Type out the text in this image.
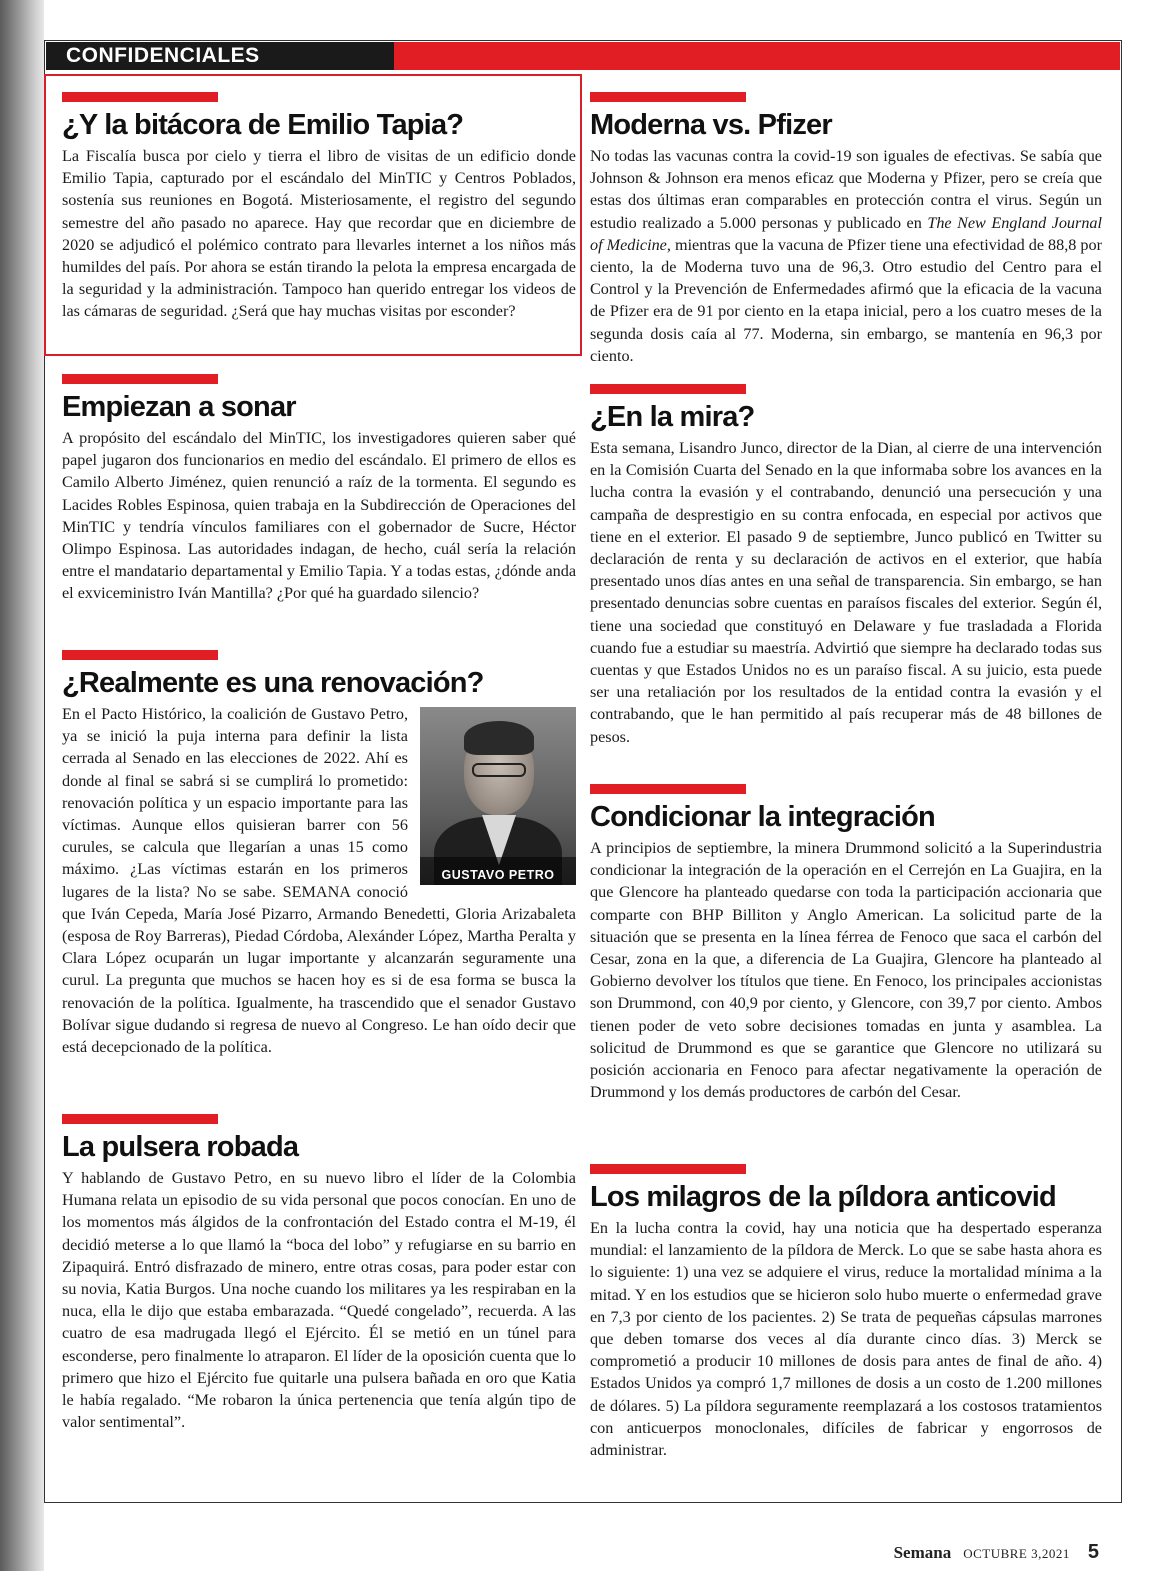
CONFIDENCIALES
¿Y la bitácora de Emilio Tapia?

La Fiscalía busca por cielo y tierra el libro de visitas de un edificio donde Emilio Tapia, capturado por el escándalo del MinTIC y Centros Poblados, sostenía sus reuniones en Bogotá. Misteriosamente, el registro del segundo semestre del año pasado no aparece. Hay que recordar que en diciembre de 2020 se adjudicó el polémico contrato para llevarles internet a los niños más humildes del país. Por ahora se están tirando la pelota la empresa encargada de la seguridad y la administración. Tampoco han querido entregar los videos de las cámaras de seguridad. ¿Será que hay muchas visitas por esconder?

Empiezan a sonar

A propósito del escándalo del MinTIC, los investigadores quieren saber qué papel jugaron dos funcionarios en medio del escándalo. El primero de ellos es Camilo Alberto Jiménez, quien renunció a raíz de la tormenta. El segundo es Lacides Robles Espinosa, quien trabaja en la Subdirección de Operaciones del MinTIC y tendría vínculos familiares con el gobernador de Sucre, Héctor Olimpo Espinosa. Las autoridades indagan, de hecho, cuál sería la relación entre el mandatario departamental y Emilio Tapia. Y a todas estas, ¿dónde anda el exviceministro Iván Mantilla? ¿Por qué ha guardado silencio?

¿Realmente es una renovación?
GUSTAVO PETRO
En el Pacto Histórico, la coalición de Gustavo Petro, ya se inició la puja interna para definir la lista cerrada al Senado en las elecciones de 2022. Ahí es donde al final se sabrá si se cumplirá lo prometido: renovación política y un espacio importante para las víctimas. Aunque ellos quisieran barrer con 56 curules, se calcula que llegarían a unas 15 como máximo. ¿Las víctimas estarán en los primeros lugares de la lista? No se sabe. SEMANA conoció que Iván Cepeda, María José Pizarro, Armando Benedetti, Gloria Arizabaleta (esposa de Roy Barreras), Piedad Córdoba, Alexánder López, Martha Peralta y Clara López ocuparán un lugar importante y alcanzarán seguramente una curul. La pregunta que muchos se hacen hoy es si de esa forma se busca la renovación de la política. Igualmente, ha trascendido que el senador Gustavo Bolívar sigue dudando si regresa de nuevo al Congreso. Le han oído decir que está decepcionado de la política.
La pulsera robada

Y hablando de Gustavo Petro, en su nuevo libro el líder de la Colombia Humana relata un episodio de su vida personal que pocos conocían. En uno de los momentos más álgidos de la confrontación del Estado contra el M-19, él decidió meterse a lo que llamó la “boca del lobo” y refugiarse en su barrio en Zipaquirá. Entró disfrazado de minero, entre otras cosas, para poder estar con su novia, Katia Burgos. Una noche cuando los militares ya les respiraban en la nuca, ella le dijo que estaba embarazada. “Quedé congelado”, recuerda. A las cuatro de esa madrugada llegó el Ejército. Él se metió en un túnel para esconderse, pero finalmente lo atraparon. El líder de la oposición cuenta que lo primero que hizo el Ejército fue quitarle una pulsera bañada en oro que Katia le había regalado. “Me robaron la única pertenencia que tenía algún tipo de valor sentimental”.

Moderna vs. Pfizer

No todas las vacunas contra la covid-19 son iguales de efectivas. Se sabía que Johnson & Johnson era menos eficaz que Moderna y Pfizer, pero se creía que estas dos últimas eran comparables en protección contra el virus. Según un estudio realizado a 5.000 personas y publicado en The New England Journal of Medicine, mientras que la vacuna de Pfizer tiene una efectividad de 88,8 por ciento, la de Moderna tuvo una de 96,3. Otro estudio del Centro para el Control y la Prevención de Enfermedades afirmó que la eficacia de la vacuna de Pfizer era de 91 por ciento en la etapa inicial, pero a los cuatro meses de la segunda dosis caía al 77. Moderna, sin embargo, se mantenía en 96,3 por ciento.

¿En la mira?

Esta semana, Lisandro Junco, director de la Dian, al cierre de una intervención en la Comisión Cuarta del Senado en la que informaba sobre los avances en la lucha contra la evasión y el contrabando, denunció una persecución y una campaña de desprestigio en su contra enfocada, en especial por activos que tiene en el exterior. El pasado 9 de septiembre, Junco publicó en Twitter su declaración de renta y su declaración de activos en el exterior, que había presentado unos días antes en una señal de transparencia. Sin embargo, se han presentado denuncias sobre cuentas en paraísos fiscales del exterior. Según él, tiene una sociedad que constituyó en Delaware y fue trasladada a Florida cuando fue a estudiar su maestría. Advirtió que siempre ha declarado todas sus cuentas y que Estados Unidos no es un paraíso fiscal. A su juicio, esta puede ser una retaliación por los resultados de la entidad contra la evasión y el contrabando, que le han permitido al país recuperar más de 48 billones de pesos.

Condicionar la integración

A principios de septiembre, la minera Drummond solicitó a la Superindustria condicionar la integración de la operación en el Cerrejón en La Guajira, en la que Glencore ha planteado quedarse con toda la participación accionaria que comparte con BHP Billiton y Anglo American. La solicitud parte de la situación que se presenta en la línea férrea de Fenoco que saca el carbón del Cesar, zona en la que, a diferencia de La Guajira, Glencore ha planteado al Gobierno devolver los títulos que tiene. En Fenoco, los principales accionistas son Drummond, con 40,9 por ciento, y Glencore, con 39,7 por ciento. Ambos tienen poder de veto sobre decisiones tomadas en junta y asamblea. La solicitud de Drummond es que se garantice que Glencore no utilizará su posición accionaria en Fenoco para afectar negativamente la operación de Drummond y los demás productores de carbón del Cesar.

Los milagros de la píldora anticovid

En la lucha contra la covid, hay una noticia que ha despertado esperanza mundial: el lanzamiento de la píldora de Merck. Lo que se sabe hasta ahora es lo siguiente: 1) una vez se adquiere el virus, reduce la mortalidad mínima a la mitad. Y en los estudios que se hicieron solo hubo muerte o enfermedad grave en 7,3 por ciento de los pacientes. 2) Se trata de pequeñas cápsulas marrones que deben tomarse dos veces al día durante cinco días. 3) Merck se comprometió a producir 10 millones de dosis para antes de final de año. 4) Estados Unidos ya compró 1,7 millones de dosis a un costo de 1.200 millones de dólares. 5) La píldora seguramente reemplazará a los costosos tratamientos con anticuerpos monoclonales, difíciles de fabricar y engorrosos de administrar.

Semana OCTUBRE 3,2021 5
